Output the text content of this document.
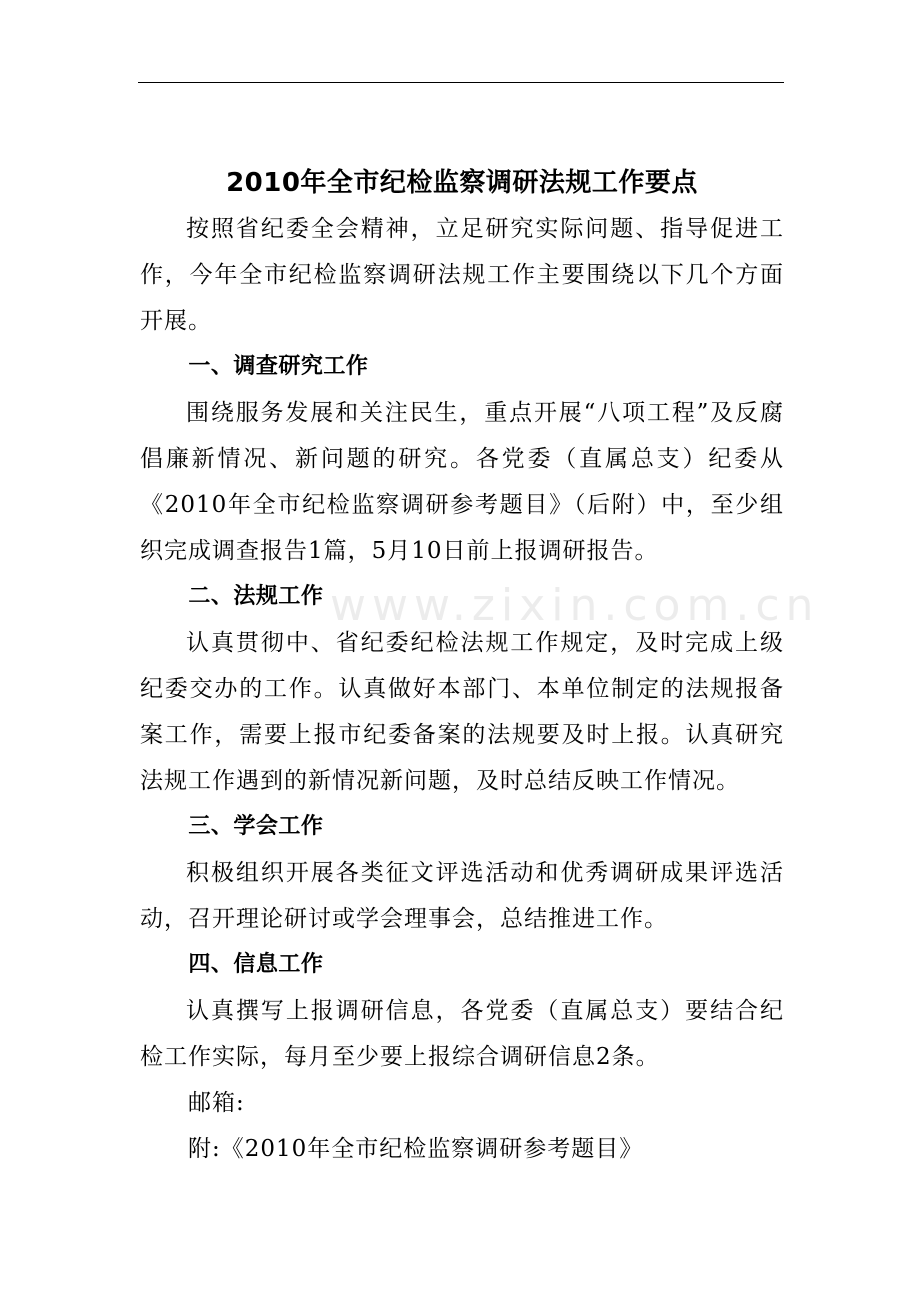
www.zixin.com.cn
2010年全市纪检监察调研法规工作要点

按照省纪委全会精神，立足研究实际问题、指导促进工作，今年全市纪检监察调研法规工作主要围绕以下几个方面开展。

一、调查研究工作

围绕服务发展和关注民生，重点开展“八项工程”及反腐倡廉新情况、新问题的研究。各党委（直属总支）纪委从《2010年全市纪检监察调研参考题目》（后附）中，至少组织完成调查报告1篇，5月10日前上报调研报告。

二、法规工作

认真贯彻中、省纪委纪检法规工作规定，及时完成上级纪委交办的工作。认真做好本部门、本单位制定的法规报备案工作，需要上报市纪委备案的法规要及时上报。认真研究法规工作遇到的新情况新问题，及时总结反映工作情况。

三、学会工作

积极组织开展各类征文评选活动和优秀调研成果评选活动，召开理论研讨或学会理事会，总结推进工作。

四、信息工作

认真撰写上报调研信息，各党委（直属总支）要结合纪检工作实际，每月至少要上报综合调研信息2条。

邮箱:

附:《2010年全市纪检监察调研参考题目》
